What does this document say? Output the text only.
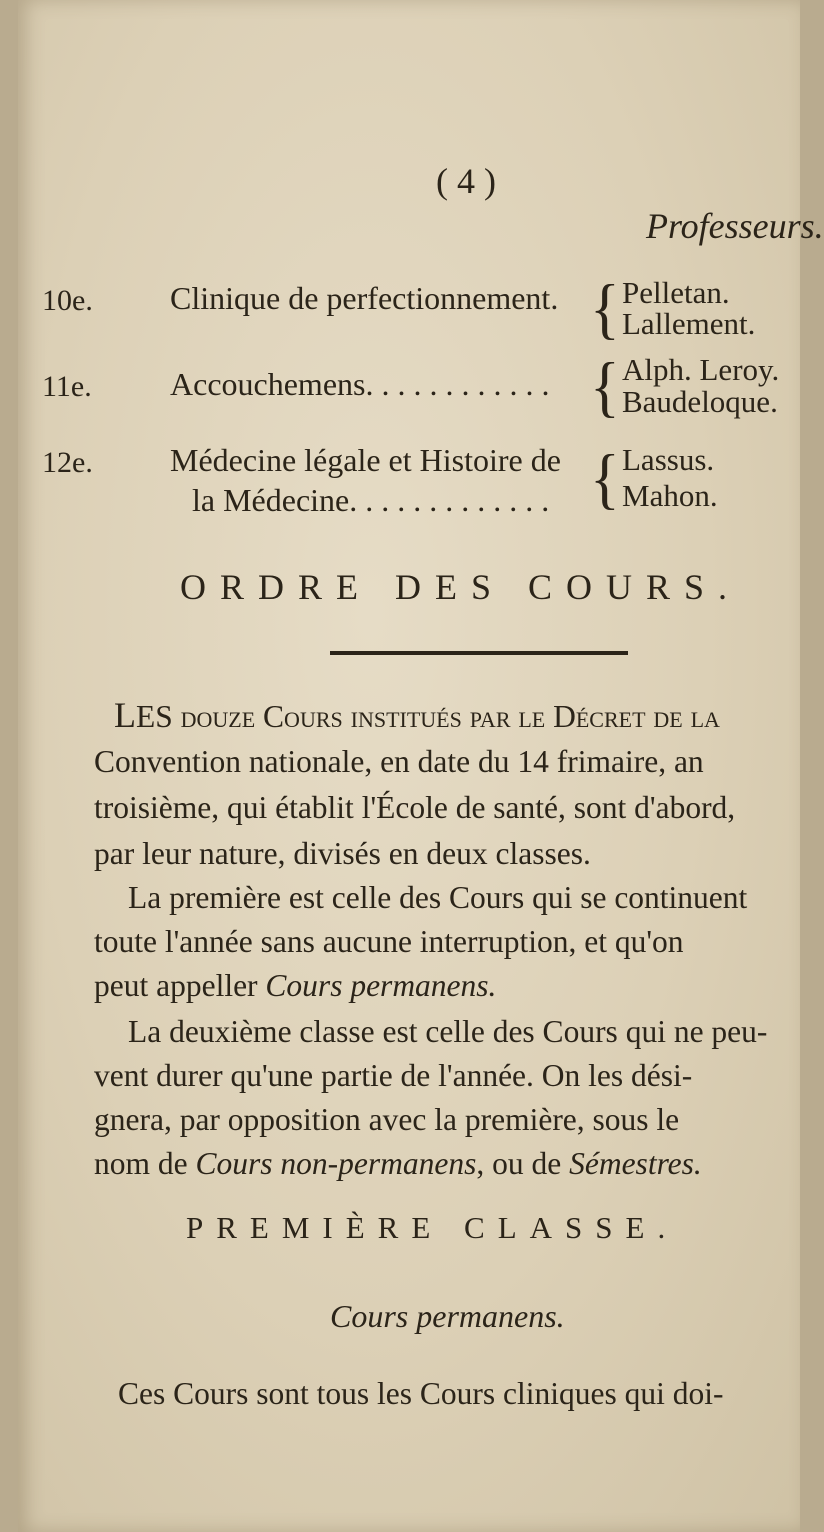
( 4 )
Professeurs.
10e. Clinique de perfectionnement. { Pelletan.
Lallement.
11e. Accouchemens. . . . . . . . . . . . { Alph. Leroy.
Baudeloque.
12e. Médecine légale et Histoire de
la Médecine. . . . . . . . . . . . . { Lassus.
Mahon.
ORDRE DES COURS.
LES douze Cours institués par le Décret de la
Convention nationale, en date du 14 frimaire, an
troisième, qui établit l'École de santé, sont d'abord,
par leur nature, divisés en deux classes.
La première est celle des Cours qui se continuent
toute l'année sans aucune interruption, et qu'on
peut appeller Cours permanens.
La deuxième classe est celle des Cours qui ne peu-
vent durer qu'une partie de l'année. On les dési-
gnera, par opposition avec la première, sous le
nom de Cours non-permanens, ou de Sémestres.
PREMIÈRE CLASSE.
Cours permanens.
Ces Cours sont tous les Cours cliniques qui doi-
